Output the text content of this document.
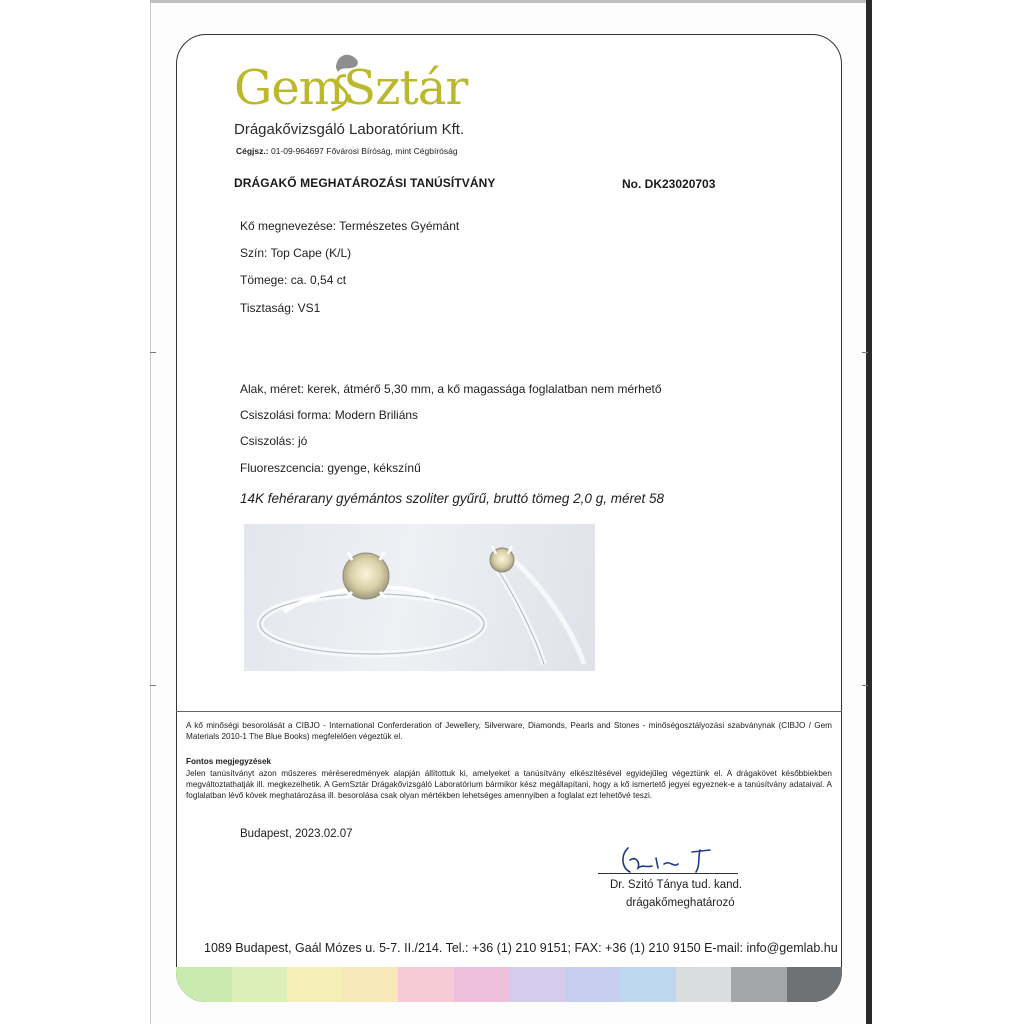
GemSztár
Drágakővizsgáló Laboratórium Kft.
Cégjsz.: 01-09-964697 Fővárosi Bíróság, mint Cégbíróság
DRÁGAKŐ MEGHATÁROZÁSI TANÚSÍTVÁNY	No. DK23020703
Kő megnevezése: Természetes Gyémánt
Szín: Top Cape (K/L)
Tömege: ca. 0,54 ct
Tisztaság: VS1
Alak, méret: kerek, átmérő 5,30 mm, a kő magassága foglalatban nem mérhető
Csiszolási forma: Modern Briliáns
Csiszolás: jó
Fluoreszcencia: gyenge, kékszínű
14K fehérarany gyémántos szoliter gyűrű, bruttó tömeg 2,0 g, méret 58
A kő minőségi besorolását a CIBJO - International Conferderation of Jewellery, Silverware, Diamonds, Pearls and Stones - minőségosztályozási szabványnak (CIBJO / Gem Materials 2010-1 The Blue Books) megfelelően végeztük el.
Fontos megjegyzések
Jelen tanúsítványt azon műszeres méréseredmények alapján állítottuk ki, amelyeket a tanúsítvány elkészítésével egyidejűleg végeztünk el. A drágakövet későbbiekben megváltoztathatják ill. megkezelhetik. A GemSztár Drágakővizsgáló Laboratórium bármikor kész megállapítani, hogy a kő ismertető jegyei egyeznek-e a tanúsítvány adataival. A foglalatban lévő kövek meghatározása ill. besorolása csak olyan mértékben lehetséges amennyiben a foglalat ezt lehetővé teszi.
Budapest, 2023.02.07
Dr. Szitó Tánya tud. kand.
drágakőmeghatározó
1089 Budapest, Gaál Mózes u. 5-7. II./214. Tel.: +36 (1) 210 9151; FAX: +36 (1) 210 9150 E-mail: info@gemlab.hu
